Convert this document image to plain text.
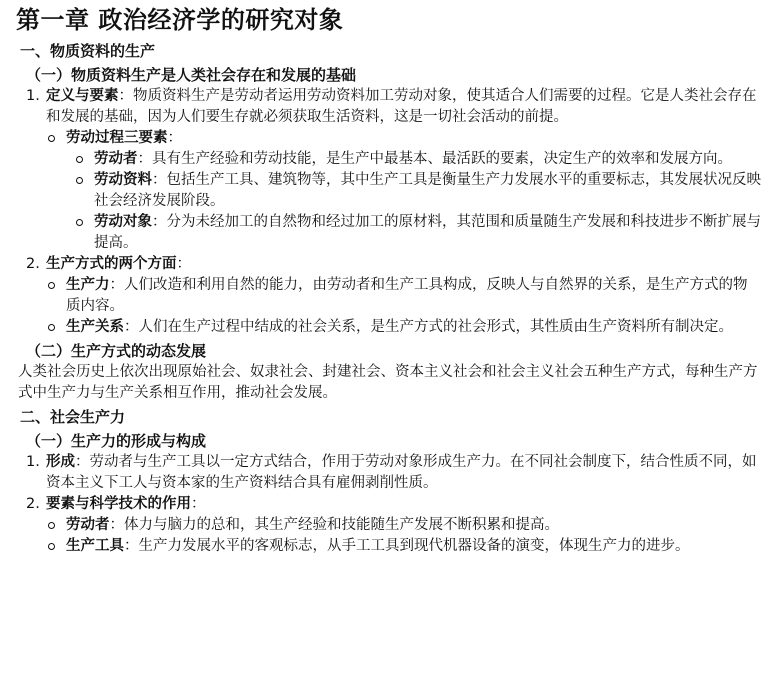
第一章 政治经济学的研究对象
一、物质资料的生产
（一）物质资料生产是人类社会存在和发展的基础
1. 定义与要素：物质资料生产是劳动者运用劳动资料加工劳动对象，使其适合人们需要的过程。它是人类社会存在和发展的基础，因为人们要生存就必须获取生活资料，这是一切社会活动的前提。
劳动过程三要素：
劳动者：具有生产经验和劳动技能，是生产中最基本、最活跃的要素，决定生产的效率和发展方向。
劳动资料：包括生产工具、建筑物等，其中生产工具是衡量生产力发展水平的重要标志，其发展状况反映社会经济发展阶段。
劳动对象：分为未经加工的自然物和经过加工的原材料，其范围和质量随生产发展和科技进步不断扩展与提高。
2. 生产方式的两个方面：
生产力：人们改造和利用自然的能力，由劳动者和生产工具构成，反映人与自然界的关系，是生产方式的物质内容。
生产关系：人们在生产过程中结成的社会关系，是生产方式的社会形式，其性质由生产资料所有制决定。
（二）生产方式的动态发展

人类社会历史上依次出现原始社会、奴隶社会、封建社会、资本主义社会和社会主义社会五种生产方式，每种生产方式中生产力与生产关系相互作用，推动社会发展。

二、社会生产力
（一）生产力的形成与构成
1. 形成：劳动者与生产工具以一定方式结合，作用于劳动对象形成生产力。在不同社会制度下，结合性质不同，如资本主义下工人与资本家的生产资料结合具有雇佣剥削性质。
2. 要素与科学技术的作用：
劳动者：体力与脑力的总和，其生产经验和技能随生产发展不断积累和提高。
生产工具：生产力发展水平的客观标志，从手工工具到现代机器设备的演变，体现生产力的进步。
